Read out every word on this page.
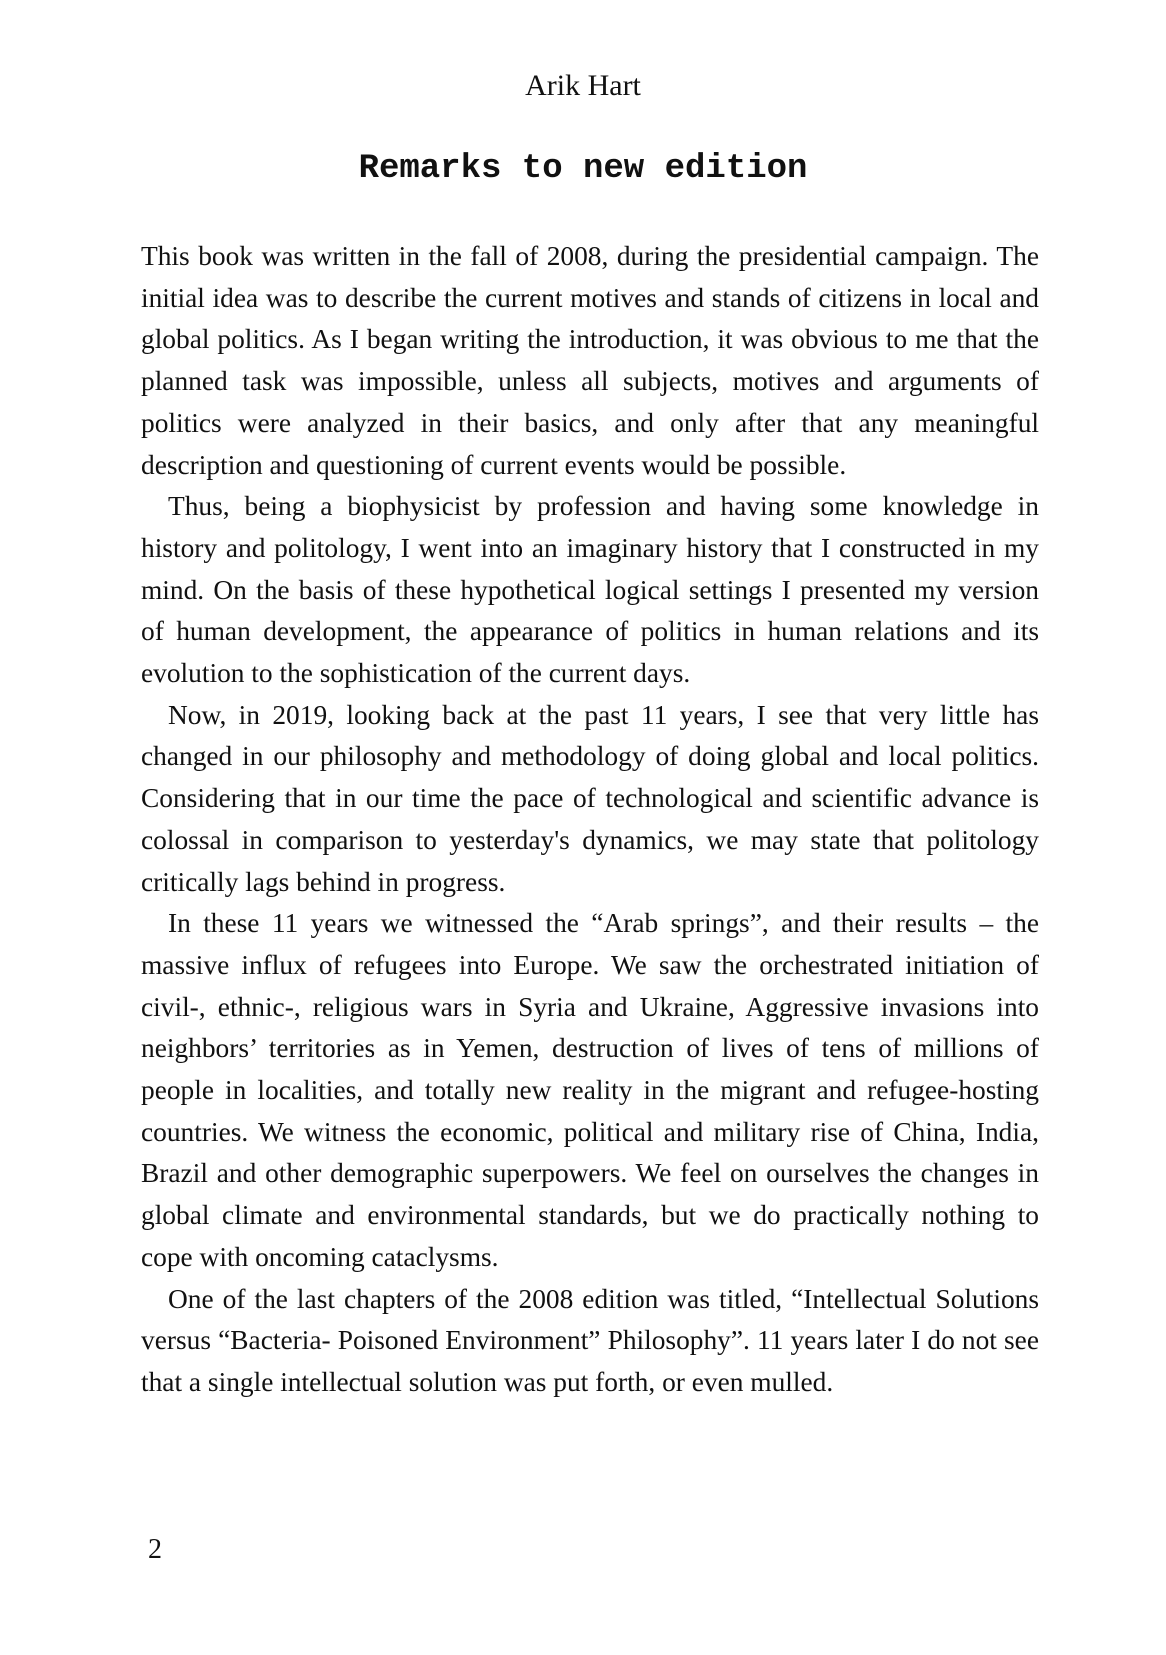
Arik Hart
Remarks to new edition

This book was written in the fall of 2008, during the presidential campaign. The initial idea was to describe the current motives and stands of citizens in local and global politics. As I began writing the introduction, it was obvious to me that the planned task was impossible, unless all subjects, motives and arguments of politics were analyzed in their basics, and only after that any meaningful description and questioning of current events would be possible.

Thus, being a biophysicist by profession and having some knowledge in history and politology, I went into an imaginary history that I constructed in my mind. On the basis of these hypothetical logical settings I presented my version of human development, the appearance of politics in human relations and its evolution to the sophistication of the current days.

Now, in 2019, looking back at the past 11 years, I see that very little has changed in our philosophy and methodology of doing global and local politics. Considering that in our time the pace of technological and scientific advance is colossal in comparison to yesterday's dynamics, we may state that politology critically lags behind in progress.

In these 11 years we witnessed the “Arab springs”, and their results – the massive influx of refugees into Europe. We saw the orchestrated initiation of civil-, ethnic-, religious wars in Syria and Ukraine, Aggressive invasions into neighbors’ territories as in Yemen, destruction of lives of tens of millions of people in localities, and totally new reality in the migrant and refugee-hosting countries. We witness the economic, political and military rise of China, India, Brazil and other demographic superpowers. We feel on ourselves the changes in global climate and environmental standards, but we do practically nothing to cope with oncoming cataclysms.

One of the last chapters of the 2008 edition was titled, “Intellectual Solutions versus “Bacteria- Poisoned Environment” Philosophy”. 11 years later I do not see that a single intellectual solution was put forth, or even mulled.

2
